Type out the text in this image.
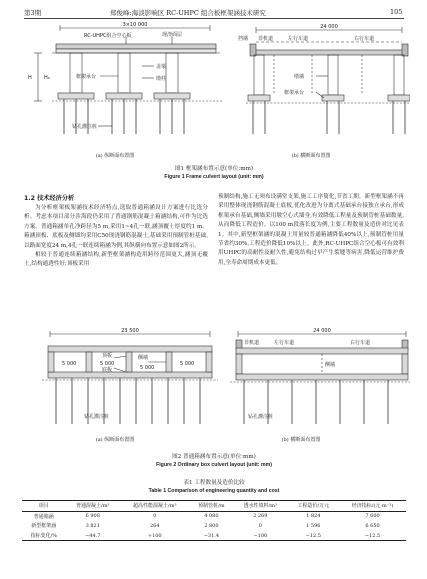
第3期	郑俊峰:海淡影响区 RC-UHPC 组合板框架涵技术研究	105
3×10 000
RC-UHPC组合空心板	现浇面层
框架承台
盖梁
墩柱
钻孔灌注桩
H H₀
24 000
挡墙 非机道	左行车道	右行车道
墩墙
框架承台
(a) 纵断面布置图	(b) 横断面布置图
图1 框架涵布置示意(单位:mm)
Figure 1 Frame culvert layout (unit: mm)
1.2 技术经济分析

为分析框架板架涵技术经济特点,选取普通箱涵设计方案进行比选分析。考虑本项目部分涉海段仍采用了普通钢筋混凝土箱涵结构,可作为比选方案。普通箱涵单孔净跨径为5 m,采用1~4孔一联,涵顶覆土厚度约1 m。箱涵顶板、底板及侧墙均采用C50现浇钢筋混凝土,基础采用预制管桩基础,以路面宽度24 m,4孔一联连续箱涵为例,其纵横向布置示意如图2所示。

相较于普通连续箱涵结构,新型框架涵构造用跨径范围更大,涵顶无覆土,结构通透性好;顶板采用

预制结构,施工无须布设满堂支架,施工工序简化,节省工期。新型框架涵不再采用整体现浇钢筋混凝土底板,优化改进为分离式基础承台接独立承台,形成框架承台基础,侧墙采用墩空心式墙身,有效降低工程量及预制管桩基础数量,从而降低工程造价。以100 m段落长度为例,主要工程数量及造价对比见表1。其中,新型框架涵的混凝土用量较普通箱涵降低40%以上,预制管桩用量节省约30%,工程造价降低10%以上。此外,RC-UHPC组合空心板可有效利用UHPC的高耐性及耐久性,避免结构过早产生裂缝等病害,降低运营维护费用,全寿命周期成本更低。

23 500
5 000	5 000
5 000
5 000
顶板
底板
侧墙
钻孔灌注桩
24 000
非机道	左行车道	右行车道
侧墙
钻孔灌注桩
(a) 纵断面布置图	(b) 横断面布置图
图2 普通箱涵布置示意(单位:mm)
Figure 2 Ordinary box culvert layout (unit: mm)
表1 工程数量及造价比较
Table 1 Comparison of engineering quantity and cost
项目	普通混凝土/m³	超高性能混凝土/m³	预制管桩/m	透水性填料/m³	工程造价/万元	经济指标/(元·m⁻²)
普通箱涵	6 908	0	4 080	2 269	1 824	7 600
新型框架涵	3 821	264	2 800	0	1 596	6 650
指标变化/%	−44.7	+100	−31.4	−100	−12.5	−12.5
